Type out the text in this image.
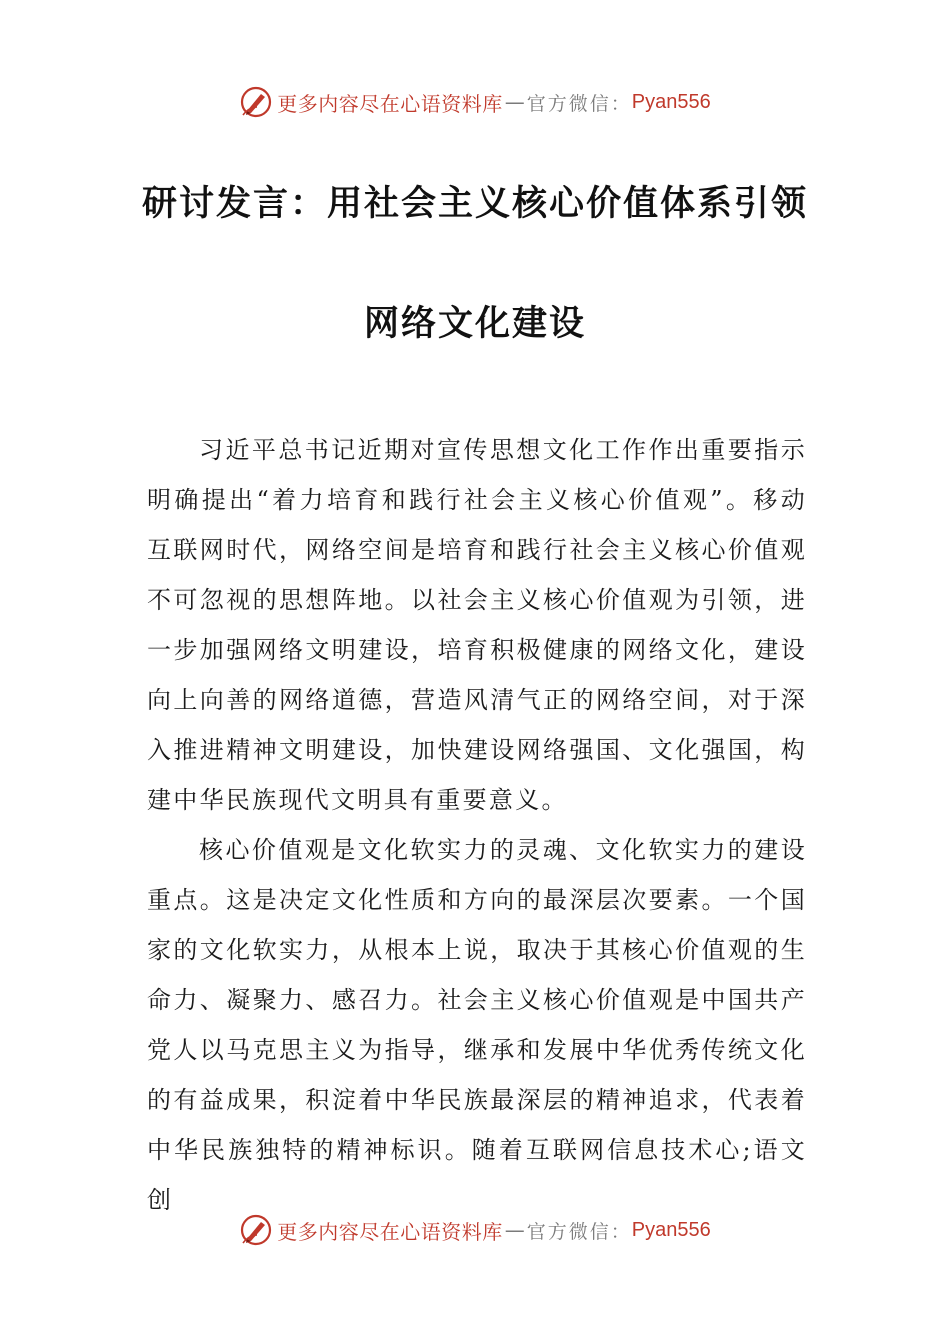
更多内容尽在心语资料库 — 官方微信： Pyan556
研讨发言：用社会主义核心价值体系引领
网络文化建设

习近平总书记近期对宣传思想文化工作作出重要指示明确提出“着力培育和践行社会主义核心价值观”。移动互联网时代，网络空间是培育和践行社会主义核心价值观不可忽视的思想阵地。以社会主义核心价值观为引领，进一步加强网络文明建设，培育积极健康的网络文化，建设向上向善的网络道德，营造风清气正的网络空间，对于深入推进精神文明建设，加快建设网络强国、文化强国，构建中华民族现代文明具有重要意义。

核心价值观是文化软实力的灵魂、文化软实力的建设重点。这是决定文化性质和方向的最深层次要素。一个国家的文化软实力，从根本上说，取决于其核心价值观的生命力、凝聚力、感召力。社会主义核心价值观是中国共产党人以马克思主义为指导，继承和发展中华优秀传统文化的有益成果，积淀着中华民族最深层的精神追求，代表着中华民族独特的精神标识。随着互联网信息技术心;语文创

更多内容尽在心语资料库 — 官方微信： Pyan556
